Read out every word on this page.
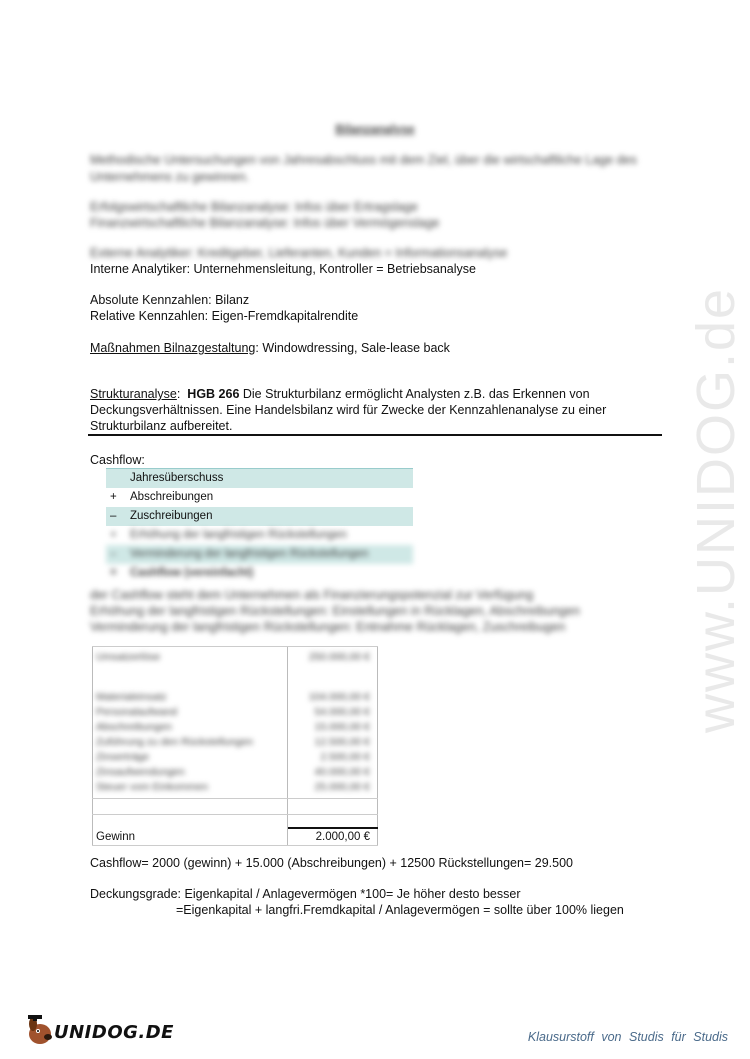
www.UNIDOG.de
Bilanzanalyse
Methodische Untersuchungen von Jahresabschluss mit dem Ziel, über die wirtschaftliche Lage des
Unternehmens zu gewinnen.
Erfolgswirtschaftliche Bilanzanalyse: Infos über Ertragslage
Finanzwirtschaftliche Bilanzanalyse: Infos über Vermögenslage
Externe Analytiker: Kreditgeber, Lieferanten, Kunden = Informationsanalyse
Interne Analytiker: Unternehmensleitung, Kontroller = Betriebsanalyse
Absolute Kennzahlen: Bilanz
Relative Kennzahlen: Eigen-Fremdkapitalrendite
Maßnahmen Bilnazgestaltung: Windowdressing, Sale-lease back
Strukturanalyse: HGB 266 Die Strukturbilanz ermöglicht Analysten z.B. das Erkennen von
Deckungsverhältnissen. Eine Handelsbilanz wird für Zwecke der Kennzahlenanalyse zu einer
Strukturbilanz aufbereitet.
Cashflow:
Jahresüberschuss
+	Abschreibungen
–	Zuschreibungen
+	Erhöhung der langfristigen Rückstellungen
–	Verminderung der langfristigen Rückstellungen
=	Cashflow (vereinfacht)
der Cashflow steht dem Unternehmen als Finanzierungspotenzial zur Verfügung
Erhöhung der langfristigen Rückstellungen: Einstellungen in Rücklagen, Abschreibungen
Verminderung der langfristigen Rückstellungen: Entnahme Rücklagen, Zuschreibugen
Umsatzerlöse	250.000,00 €
Materialeinsatz	104.000,00 €
Personalaufwand	54.000,00 €
Abschreibungen	15.000,00 €
Zuführung zu den Rückstellungen	12.500,00 €
Zinserträge	2.500,00 €
Zinsaufwendungen	40.000,00 €
Steuer vom Einkommen	25.000,00 €
Gewinn	2.000,00 €
Cashflow= 2000 (gewinn) + 15.000 (Abschreibungen) + 12500 Rückstellungen= 29.500
Deckungsgrade: Eigenkapital / Anlagevermögen *100= Je höher desto besser
=Eigenkapital + langfri.Fremdkapital / Anlagevermögen = sollte über 100% liegen
UNIDOG.DE	Klausurstoff von Studis für Studis
